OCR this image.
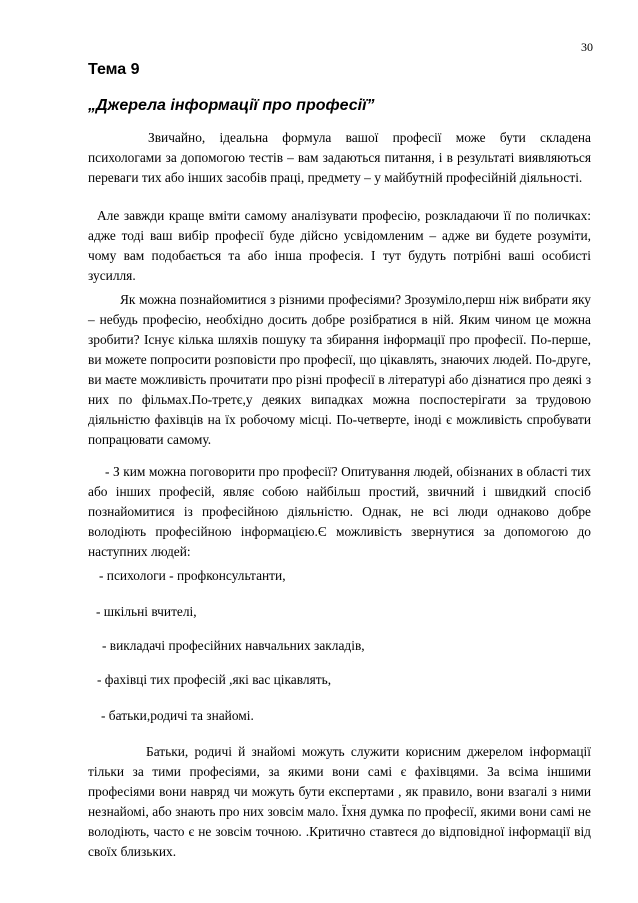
30
Тема 9
„Джерела інформації про професії”
Звичайно, ідеальна формула вашої професії може бути складена психологами за допомогою тестів – вам задаються питання, і в результаті виявляються переваги тих або інших засобів праці, предмету – у майбутній професійній діяльності.
Але завжди краще вміти самому аналізувати професію, розкладаючи її по поличках: адже тоді ваш вибір професії буде дійсно усвідомленим – адже ви будете розуміти, чому вам подобається та або інша професія. І тут будуть потрібні ваші особисті зусилля.
Як можна познайомитися з різними професіями? Зрозуміло,перш ніж вибрати яку – небудь професію, необхідно досить добре розібратися в ній. Яким чином це можна зробити? Існує кілька шляхів пошуку та збирання інформації про професії. По-перше, ви можете попросити розповісти про професії, що цікавлять, знаючих людей. По-друге, ви маєте можливість прочитати про різні професії в літературі або дізнатися про деякі з них по фільмах.По-третє,у деяких випадках можна поспостерігати за трудовою діяльністю фахівців на їх робочому місці. По-четверте, іноді є можливість спробувати попрацювати самому.
- З ким можна поговорити про професії? Опитування людей, обізнаних в області тих або інших професій, являє собою найбільш простий, звичний і швидкий спосіб познайомитися із професійною діяльністю. Однак, не всі люди однаково добре володіють професійною інформацією.Є можливість звернутися за допомогою до наступних людей:
- психологи - профконсультанти,
- шкільні вчителі,
- викладачі професійних навчальних закладів,
- фахівці тих професій ,які вас цікавлять,
- батьки,родичі та знайомі.
Батьки, родичі й знайомі можуть служити корисним джерелом інформації тільки за тими професіями, за якими вони самі є фахівцями. За всіма іншими професіями вони навряд чи можуть бути експертами , як правило, вони взагалі з ними незнайомі, або знають про них зовсім мало. Їхня думка по професії, якими вони самі не володіють, часто є не зовсім точною. .Критично ставтеся до відповідної інформації від своїх близьких.
